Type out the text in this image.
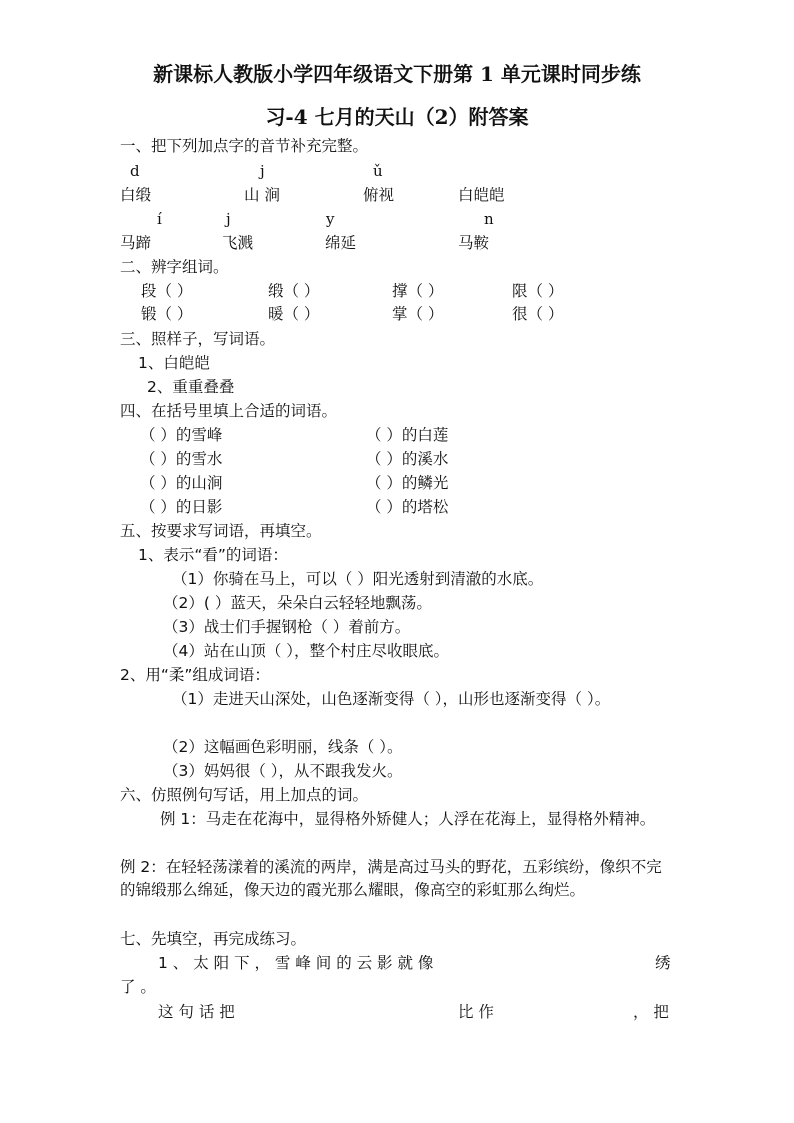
新课标人教版小学四年级语文下册第 1 单元课时同步练
习-4 七月的天山（2）附答案
一、把下列加点字的音节补充完整。
d	j	ǔ
白缎	山 涧	俯视	白皑皑
í	j	y	n
马蹄	飞溅	绵延	马鞍
二、辨字组词。
段（ ）	缎（ ）	撑（ ）	限（ ）
锻（ ）	暖（ ）	掌（ ）	很（ ）
三、照样子，写词语。
1、白皑皑
2、重重叠叠
四、在括号里填上合适的词语。
（ ）的雪峰	（ ）的白莲
（ ）的雪水	（ ）的溪水
（ ）的山涧	（ ）的鳞光
（ ）的日影	（ ）的塔松
五、按要求写词语，再填空。
1、表示“看”的词语：
（1）你骑在马上，可以（ ）阳光透射到清澈的水底。
（2）( ）蓝天，朵朵白云轻轻地飘荡。
（3）战士们手握钢枪（ ）着前方。
（4）站在山顶（ ），整个村庄尽收眼底。
2、用“柔”组成词语：
（1）走进天山深处，山色逐渐变得（ ），山形也逐渐变得（ ）。
（2）这幅画色彩明丽，线条（ ）。
（3）妈妈很（ ），从不跟我发火。
六、仿照例句写话，用上加点的词。
例 1：马走在花海中，显得格外矫健人；人浮在花海上，显得格外精神。
例 2：在轻轻荡漾着的溪流的两岸，满是高过马头的野花，五彩缤纷，像织不完的锦缎那么绵延，像天边的霞光那么耀眼，像高空的彩虹那么绚烂。
七、先填空，再完成练习。
1 、 太 阳 下 ， 雪 峰 间 的 云 影 就 像	绣
了 。
这 句 话 把	比 作	， 把
